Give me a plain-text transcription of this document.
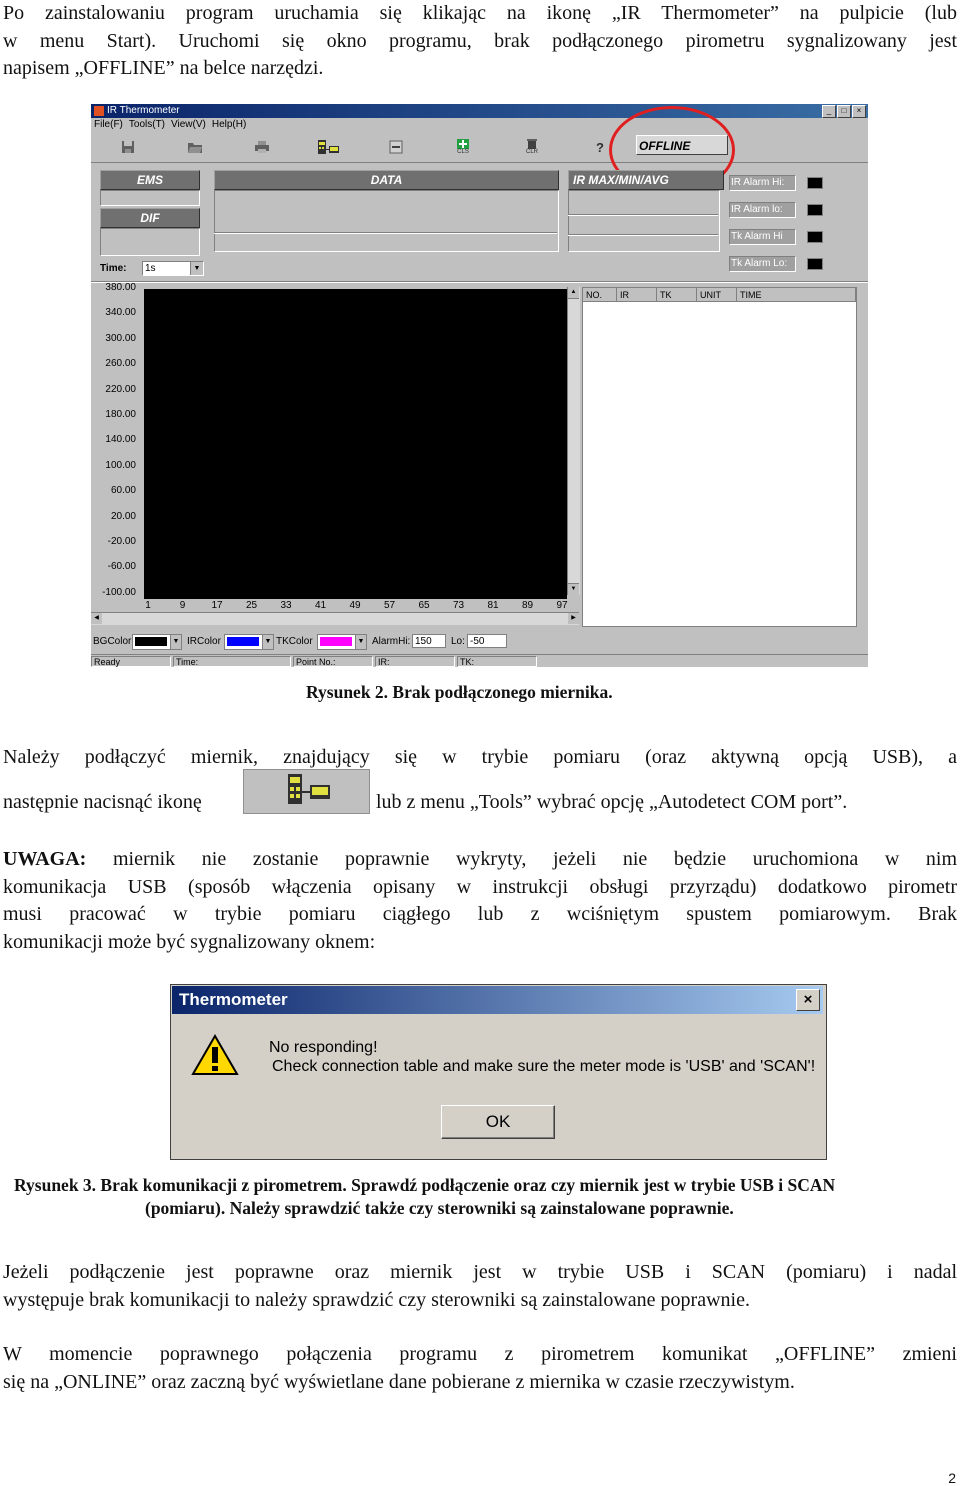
Po zainstalowaniu program uruchamia się klikając na ikonę „IR Thermometer” na pulpicie (lub
w menu Start). Uruchomi się okno programu, brak podłączonego pirometru sygnalizowany jest
napisem „OFFLINE” na belce narzędzi.
IR Thermometer	_	□	×
File(F) Tools(T) View(V) Help(H)
CLS	CLR	?	OFFLINE
EMS
DIF
DATA	IR MAX/MIN/AVG	IR Alarm Hi:
IR Alarm lo:
Tk Alarm Hi
Tk Alarm Lo:
Time:	1s	▼
▲
▼
◀	▶
NO.	IR	TK	UNIT	TIME
BGColor	▼ IRColor	▼ TKColor	▼ AlarmHi: 150	Lo: -50
Ready	Time:	Point No.:	IR:	TK:
380.00
340.00
300.00
260.00
220.00
180.00
140.00
100.00
60.00
20.00
-20.00
-60.00
-100.00
1	9	17	25	33	41	49	57	65	73	81	89	97

Rysunek 2. Brak podłączonego miernika.

Należy podłączyć miernik, znajdujący się w trybie pomiaru (oraz aktywną opcją USB), a
następnie nacisnąć ikonę	lub z menu „Tools” wybrać opcję „Autodetect COM port”.
UWAGA: miernik nie zostanie poprawnie wykryty, jeżeli nie będzie uruchomiona w nim
komunikacja USB (sposób włączenia opisany w instrukcji obsługi przyrządu) dodatkowo pirometr
musi pracować w trybie pomiaru ciągłego lub z wciśniętym spustem pomiarowym. Brak
komunikacji może być sygnalizowany oknem:
Thermometer	×
No responding!
Check connection table and make sure the meter mode is 'USB' and 'SCAN'!
OK

Rysunek 3. Brak komunikacji z pirometrem. Sprawdź podłączenie oraz czy miernik jest w trybie USB i SCAN

(pomiaru). Należy sprawdzić także czy sterowniki są zainstalowane poprawnie.

Jeżeli podłączenie jest poprawne oraz miernik jest w trybie USB i SCAN (pomiaru) i nadal
występuje brak komunikacji to należy sprawdzić czy sterowniki są zainstalowane poprawnie.
W momencie poprawnego połączenia programu z pirometrem komunikat „OFFLINE” zmieni
się na „ONLINE” oraz zaczną być wyświetlane dane pobierane z miernika w czasie rzeczywistym.
2
